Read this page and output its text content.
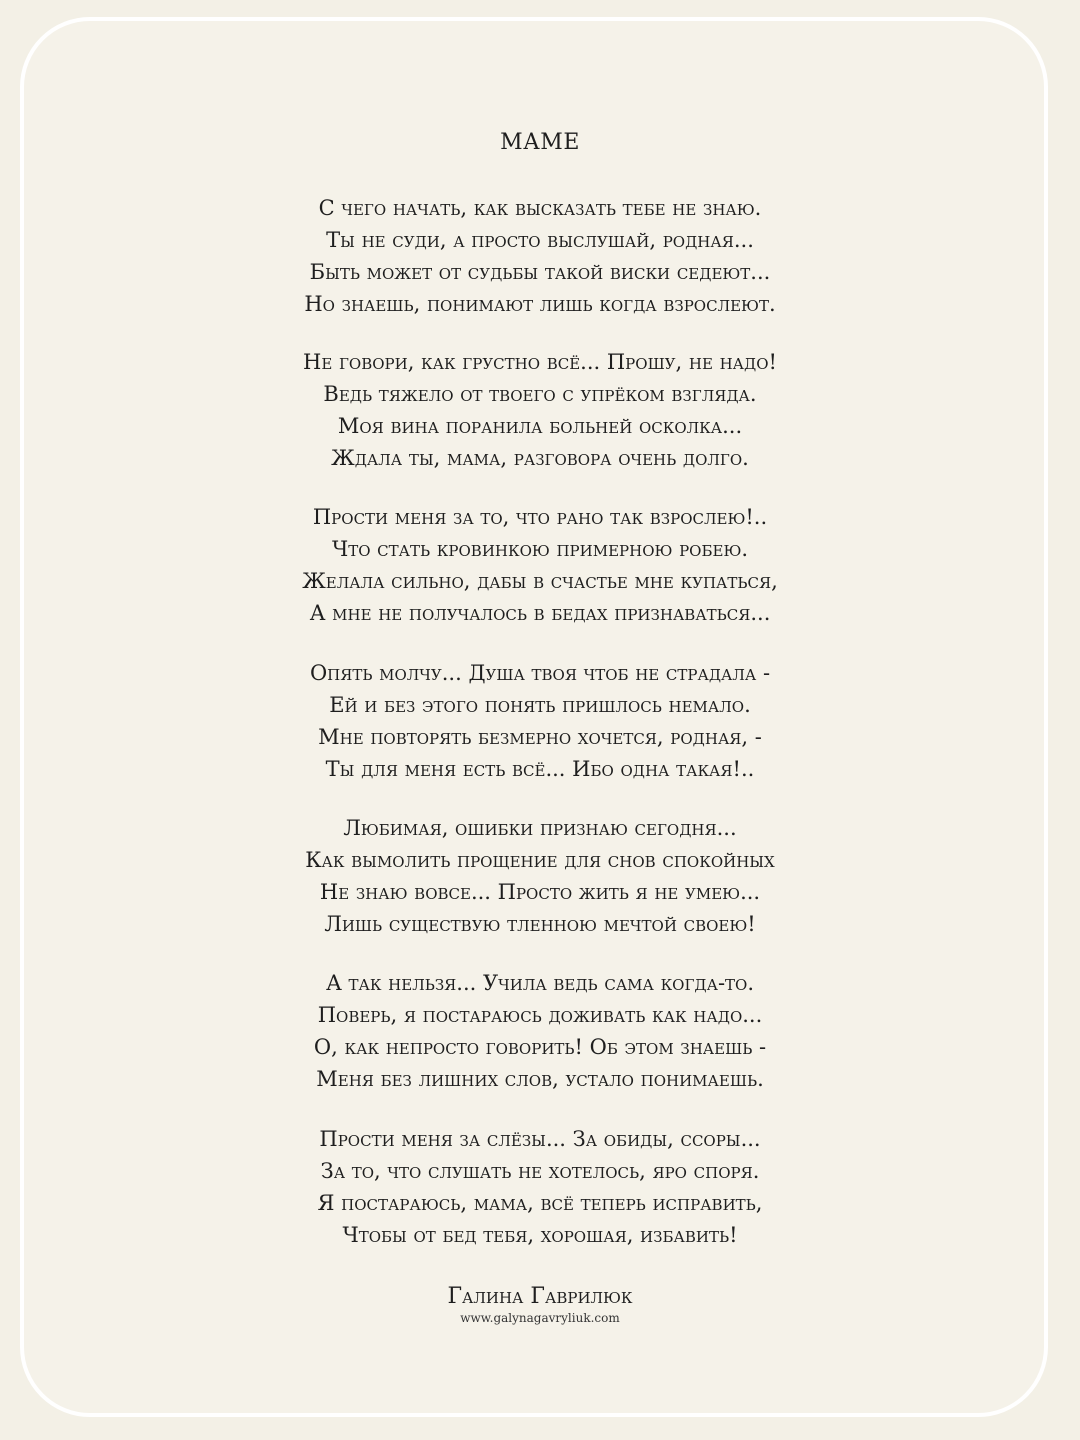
МАМЕ
С чего начать, как высказать тебе не знаю.
Ты не суди, а просто выслушай, родная...
Быть может от судьбы такой виски седеют...
Но знаешь, понимают лишь когда взрослеют.
Не говори, как грустно всё... Прошу, не надо!
Ведь тяжело от твоего с упрёком взгляда.
Моя вина поранила больней осколка...
Ждала ты, мама, разговора очень долго.
Прости меня за то, что рано так взрослею!..
Что стать кровинкою примерною робею.
Желала сильно, дабы в счастье мне купаться,
А мне не получалось в бедах признаваться...
Опять молчу... Душа твоя чтоб не страдала -
Ей и без этого понять пришлось немало.
Мне повторять безмерно хочется, родная, -
Ты для меня есть всё... Ибо одна такая!..
Любимая, ошибки признаю сегодня...
Как вымолить прощение для снов спокойных
Не знаю вовсе... Просто жить я не умею...
Лишь существую тленною мечтой своею!
А так нельзя... Учила ведь сама когда-то.
Поверь, я постараюсь доживать как надо...
О, как непросто говорить! Об этом знаешь -
Меня без лишних слов, устало понимаешь.
Прости меня за слёзы... За обиды, ссоры...
За то, что слушать не хотелось, яро споря.
Я постараюсь, мама, всё теперь исправить,
Чтобы от бед тебя, хорошая, избавить!
Галина Гаврилюк
www.galynagavryliuk.com
